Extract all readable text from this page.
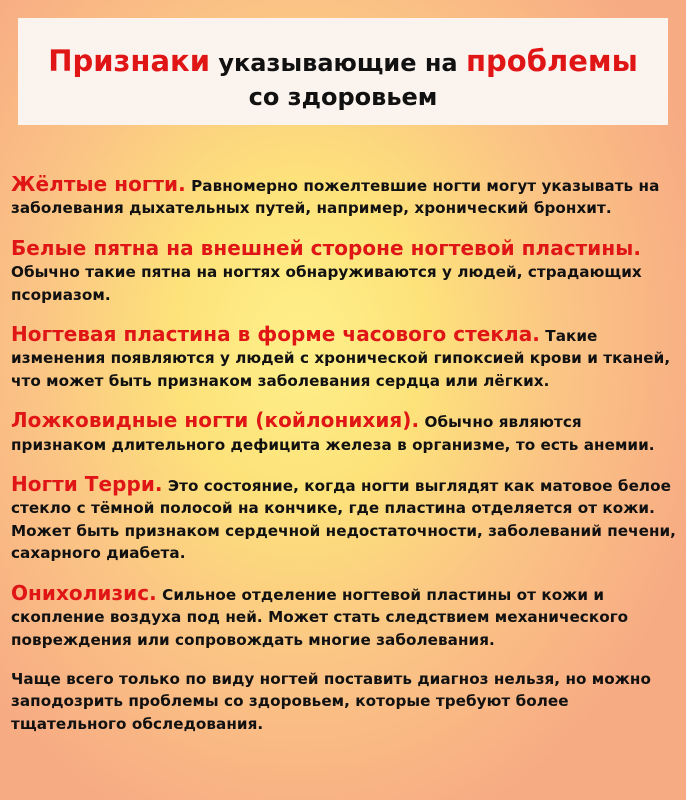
Признаки указывающие на проблемы
со здоровьем
Жёлтые ногти. Равномерно пожелтевшие ногти могут указывать на заболевания дыхательных путей, например, хронический бронхит.
Белые пятна на внешней стороне ногтевой пластины.
Обычно такие пятна на ногтях обнаруживаются у людей, страдающих псориазом.
Ногтевая пластина в форме часового стекла. Такие изменения появляются у людей с хронической гипоксией крови и тканей, что может быть признаком заболевания сердца или лёгких.
Ложковидные ногти (койлонихия). Обычно являются признаком длительного дефицита железа в организме, то есть анемии.
Ногти Терри. Это состояние, когда ногти выглядят как матовое белое стекло с тёмной полосой на кончике, где пластина отделяется от кожи. Может быть признаком сердечной недостаточности, заболеваний печени, сахарного диабета.
Онихолизис. Сильное отделение ногтевой пластины от кожи и скопление воздуха под ней. Может стать следствием механического повреждения или сопровождать многие заболевания.
Чаще всего только по виду ногтей поставить диагноз нельзя, но можно заподозрить проблемы со здоровьем, которые требуют более тщательного обследования.
